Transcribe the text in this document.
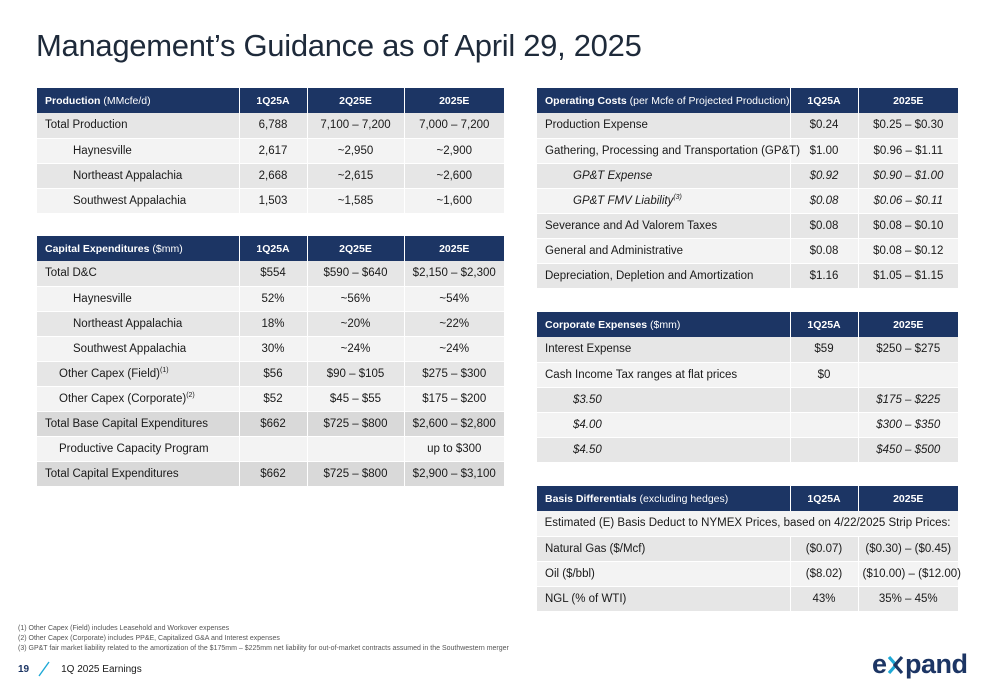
Management’s Guidance as of April 29, 2025
Production (MMcfe/d)	1Q25A	2Q25E	2025E
Total Production	6,788	7,100 – 7,200	7,000 – 7,200
Haynesville	2,617	~2,950	~2,900
Northeast Appalachia	2,668	~2,615	~2,600
Southwest Appalachia	1,503	~1,585	~1,600
Capital Expenditures ($mm)	1Q25A	2Q25E	2025E
Total D&C	$554	$590 – $640	$2,150 – $2,300
Haynesville	52%	~56%	~54%
Northeast Appalachia	18%	~20%	~22%
Southwest Appalachia	30%	~24%	~24%
Other Capex (Field)$^{(1)}$	$56	$90 – $105	$275 – $300
Other Capex (Corporate)$^{(2)}$	$52	$45 – $55	$175 – $200
Total Base Capital Expenditures	$662	$725 – $800	$2,600 – $2,800
Productive Capacity Program			up to $300
Total Capital Expenditures	$662	$725 – $800	$2,900 – $3,100
Operating Costs (per Mcfe of Projected Production)	1Q25A	2025E
Production Expense	$0.24	$0.25 – $0.30
Gathering, Processing and Transportation (GP&T)	$1.00	$0.96 – $1.11
GP&T Expense	$0.92	$0.90 – $1.00
GP&T FMV Liability$^{(3)}$	$0.08	$0.06 – $0.11
Severance and Ad Valorem Taxes	$0.08	$0.08 – $0.10
General and Administrative	$0.08	$0.08 – $0.12
Depreciation, Depletion and Amortization	$1.16	$1.05 – $1.15
Corporate Expenses ($mm)	1Q25A	2025E
Interest Expense	$59	$250 – $275
Cash Income Tax ranges at flat prices	$0	
$3.50		$175 – $225
$4.00		$300 – $350
$4.50		$450 – $500
Basis Differentials (excluding hedges)	1Q25A	2025E
Estimated (E) Basis Deduct to NYMEX Prices, based on 4/22/2025 Strip Prices:		
Natural Gas ($/Mcf)	($0.07)	($0.30) – ($0.45)
Oil ($/bbl)	($8.02)	($10.00) – ($12.00)
NGL (% of WTI)	43%	35% – 45%
(1) Other Capex (Field) includes Leasehold and Workover expenses
(2) Other Capex (Corporate) includes PP&E, Capitalized G&A and Interest expenses
(3) GP&T fair market liability related to the amortization of the $175mm – $225mm net liability for out-of-market contracts assumed in the Southwestern merger
19	1Q 2025 Earnings	e pand
